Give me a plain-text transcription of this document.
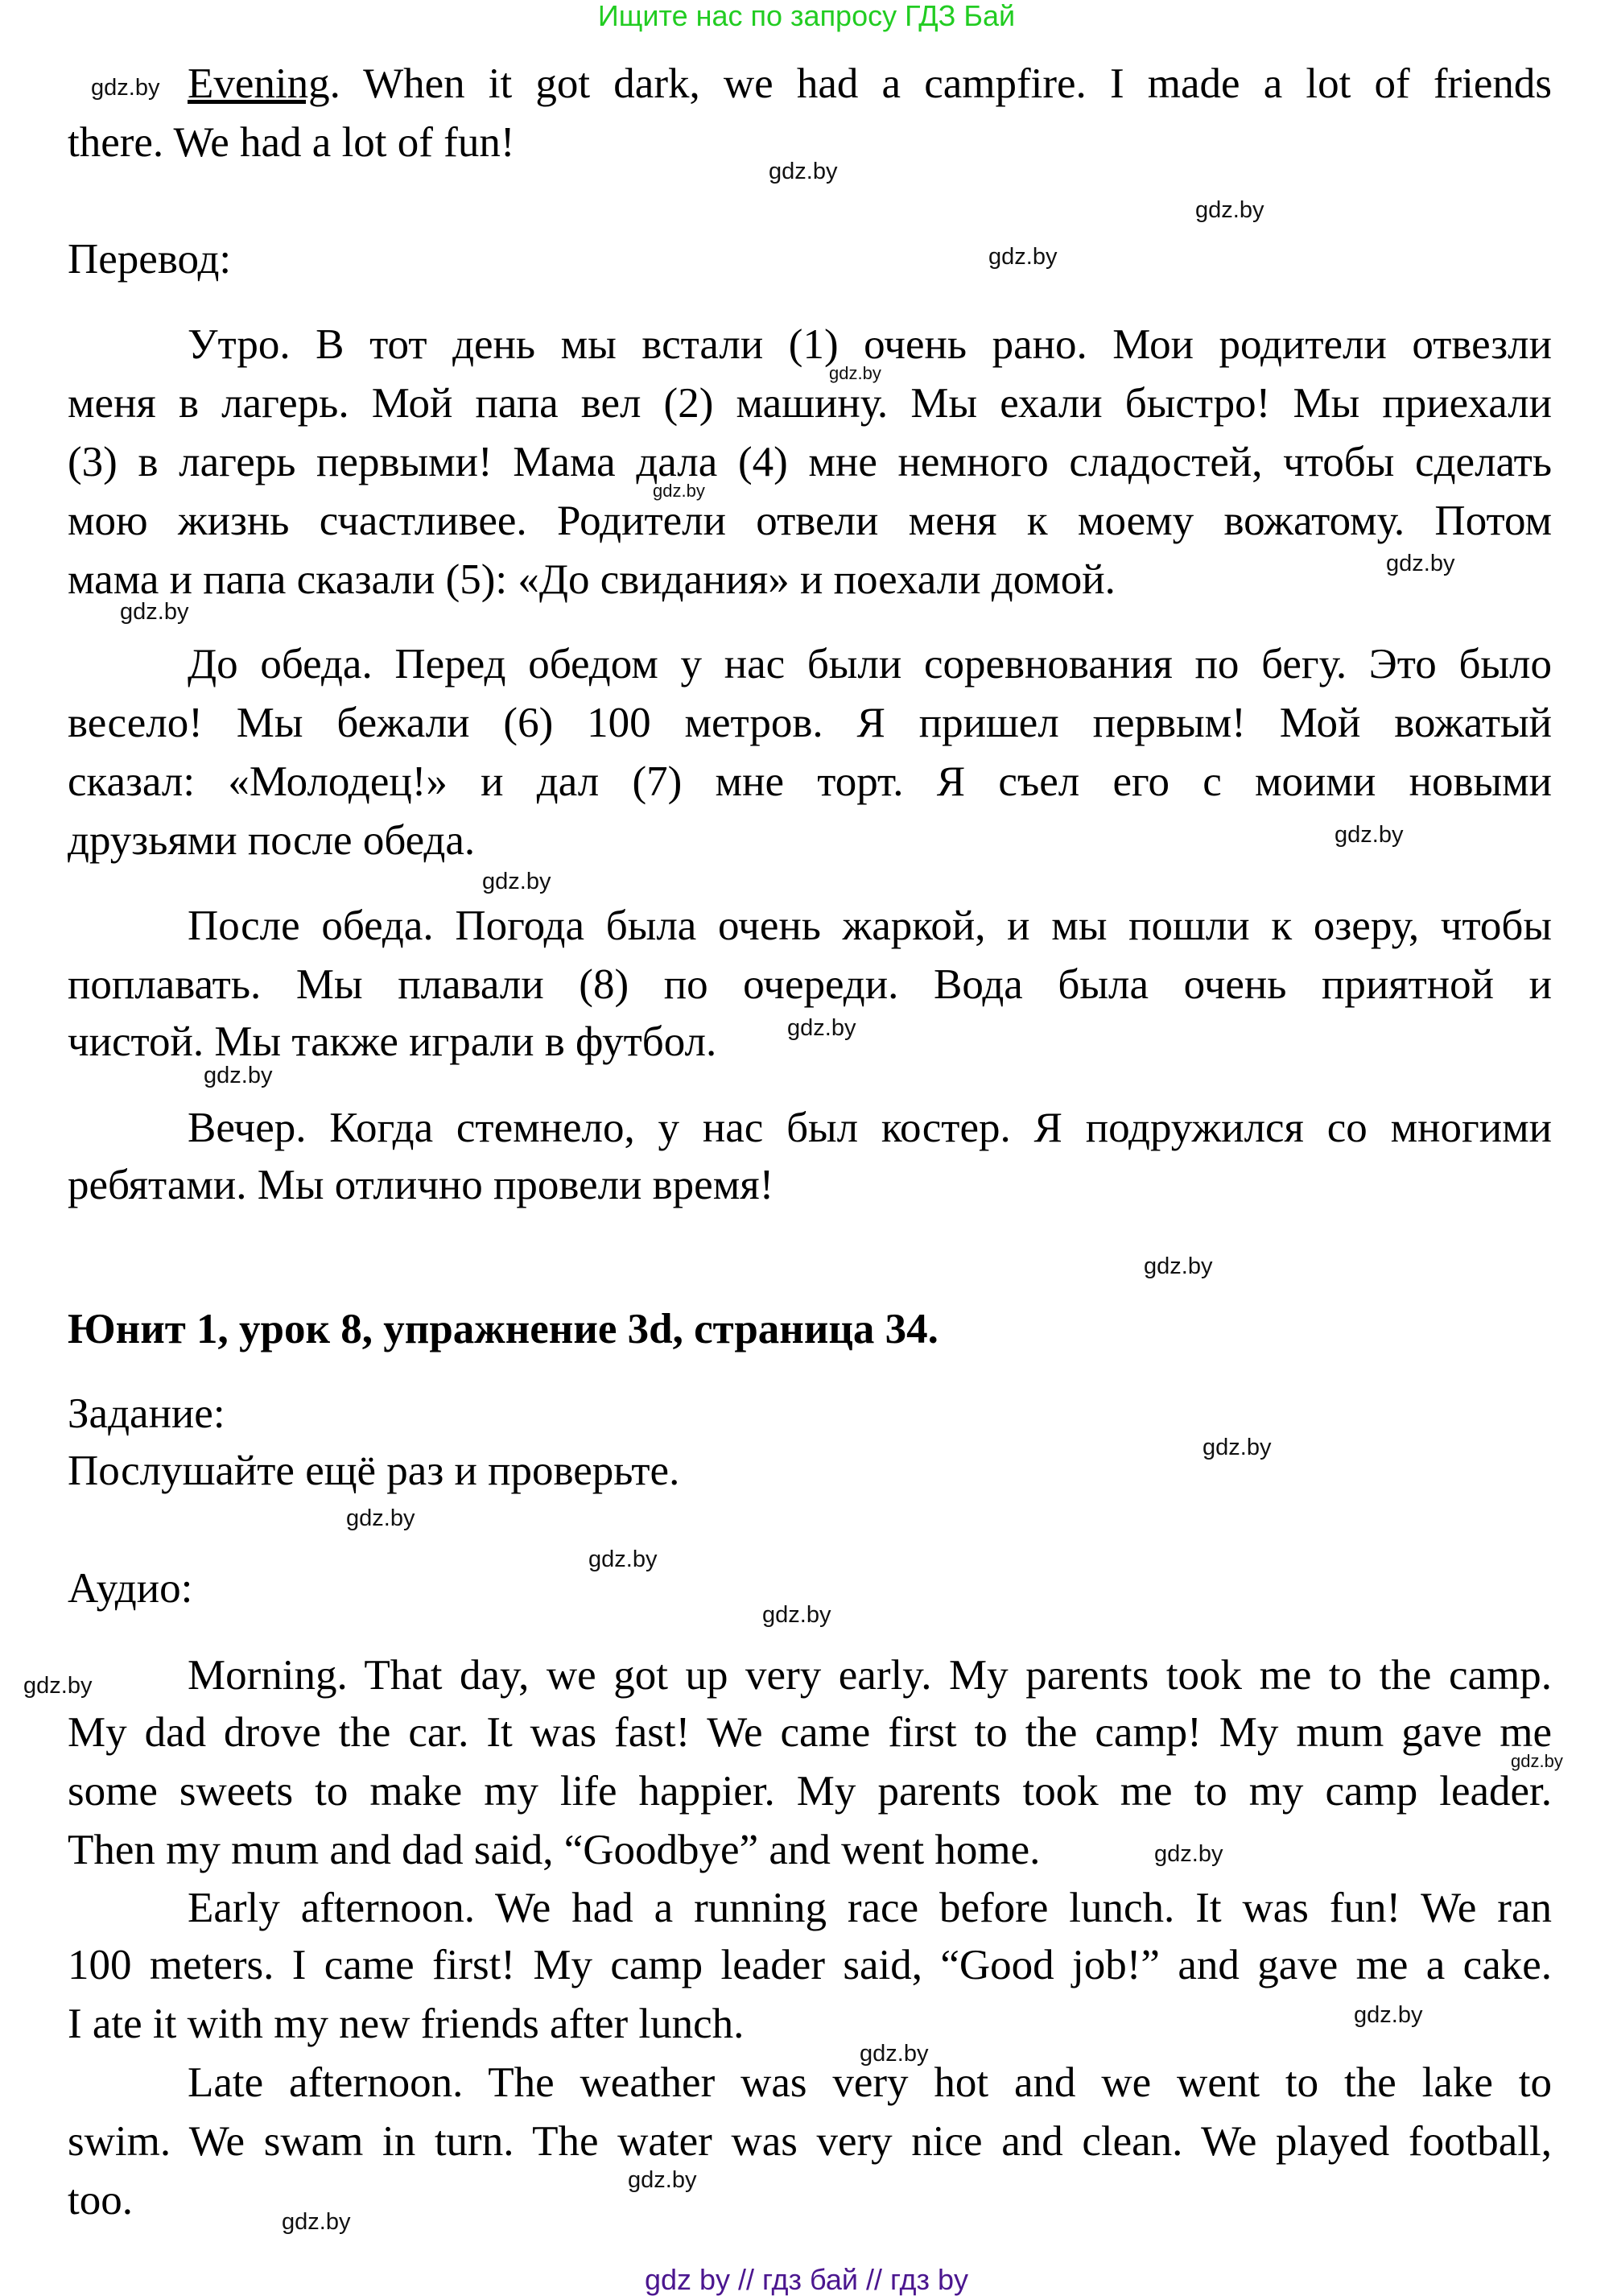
Ищите нас по запросу ГДЗ Бай
Evening. When it got dark, we had a campfire. I made a lot of friends
there. We had a lot of fun!
Перевод:
Утро. В тот день мы встали (1) очень рано. Мои родители отвезли
меня в лагерь. Мой папа вел (2) машину. Мы ехали быстро! Мы приехали
(3) в лагерь первыми! Мама дала (4) мне немного сладостей, чтобы сделать
мою жизнь счастливее. Родители отвели меня к моему вожатому. Потом
мама и папа сказали (5): «До свидания» и поехали домой.
До обеда. Перед обедом у нас были соревнования по бегу. Это было
весело! Мы бежали (6) 100 метров. Я пришел первым! Мой вожатый
сказал: «Молодец!» и дал (7) мне торт. Я съел его с моими новыми
друзьями после обеда.
После обеда. Погода была очень жаркой, и мы пошли к озеру, чтобы
поплавать. Мы плавали (8) по очереди. Вода была очень приятной и
чистой. Мы также играли в футбол.
Вечер. Когда стемнело, у нас был костер. Я подружился со многими
ребятами. Мы отлично провели время!
Юнит 1, урок 8, упражнение 3d, страница 34.
Задание:
Послушайте ещё раз и проверьте.
Аудио:
Morning. That day, we got up very early. My parents took me to the camp.
My dad drove the car. It was fast! We came first to the camp! My mum gave me
some sweets to make my life happier. My parents took me to my camp leader.
Then my mum and dad said, “Goodbye” and went home.
Early afternoon. We had a running race before lunch. It was fun! We ran
100 meters. I came first! My camp leader said, “Good job!” and gave me a cake.
I ate it with my new friends after lunch.
Late afternoon. The weather was very hot and we went to the lake to
swim. We swam in turn. The water was very nice and clean. We played football,
too.
gdz.by
gdz.by
gdz.by
gdz.by
gdz.by
gdz.by
gdz.by
gdz.by
gdz.by
gdz.by
gdz.by
gdz.by
gdz.by
gdz.by
gdz.by
gdz.by
gdz.by
gdz.by
gdz.by
gdz.by
gdz.by
gdz.by
gdz.by
gdz.by
gdz by // гдз бай // гдз by
